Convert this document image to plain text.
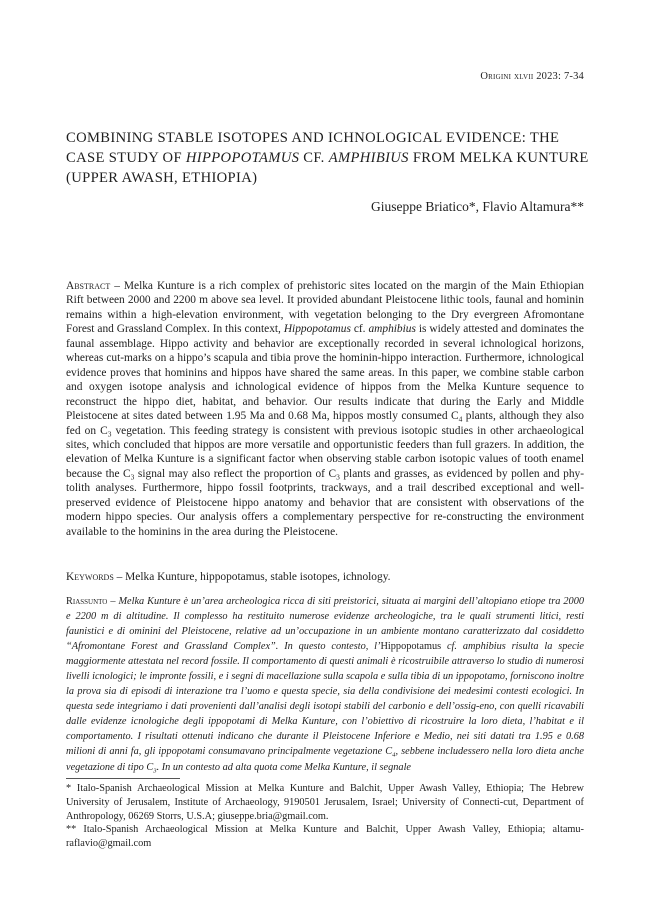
Origini xlvii 2023: 7-34
COMBINING STABLE ISOTOPES AND ICHNOLOGICAL EVIDENCE: THE CASE STUDY OF HIPPOPOTAMUS CF. AMPHIBIUS FROM MELKA KUNTURE (UPPER AWASH, ETHIOPIA)
Giuseppe Briatico*, Flavio Altamura**

Abstract – Melka Kunture is a rich complex of prehistoric sites located on the margin of the Main Ethiopian Rift between 2000 and 2200 m above sea level. It provided abundant Pleistocene lithic tools, faunal and hominin remains within a high-elevation environment, with vegetation belonging to the Dry evergreen Afromontane Forest and Grassland Complex. In this context, Hippopotamus cf. amphibius is widely attested and dominates the faunal assemblage. Hippo activity and behavior are exceptionally recorded in several ichnological horizons, whereas cut-marks on a hippo’s scapula and tibia prove the hominin-hippo interaction. Furthermore, ichnological evidence proves that hominins and hippos have shared the same areas. In this paper, we combine stable carbon and oxygen isotope analysis and ichnological evidence of hippos from the Melka Kunture sequence to reconstruct the hippo diet, habitat, and behavior. Our results indicate that during the Early and Middle Pleistocene at sites dated between 1.95 Ma and 0.68 Ma, hippos mostly consumed $C_4$ plants, although they also fed on $C_3$ vegetation. This feeding strategy is consistent with previous isotopic studies in other archaeological sites, which concluded that hippos are more versatile and opportunistic feeders than full grazers. In addition, the elevation of Melka Kunture is a significant factor when observing stable carbon isotopic values of tooth enamel because the $C_3$ signal may also reflect the proportion of $C_3$ plants and grasses, as evidenced by pollen and phy-tolith analyses. Furthermore, hippo fossil footprints, trackways, and a trail described exceptional and well-preserved evidence of Pleistocene hippo anatomy and behavior that are consistent with observations of the modern hippo species. Our analysis offers a complementary perspective for re-constructing the environment available to the hominins in the area during the Pleistocene.

Keywords – Melka Kunture, hippopotamus, stable isotopes, ichnology.

Riassunto – Melka Kunture è un’area archeologica ricca di siti preistorici, situata ai margini dell’altopiano etiope tra 2000 e 2200 m di altitudine. Il complesso ha restituito numerose evidenze archeologiche, tra le quali strumenti litici, resti faunistici e di ominini del Pleistocene, relative ad un’occupazione in un ambiente montano caratterizzato dal cosiddetto “Afromontane Forest and Grassland Complex”. In questo contesto, l’Hippopotamus cf. amphibius risulta la specie maggiormente attestata nel record fossile. Il comportamento di questi animali è ricostruibile attraverso lo studio di numerosi livelli icnologici; le impronte fossili, e i segni di macellazione sulla scapola e sulla tibia di un ippopotamo, forniscono inoltre la prova sia di episodi di interazione tra l’uomo e questa specie, sia della condivisione dei medesimi contesti ecologici. In questa sede integriamo i dati provenienti dall’analisi degli isotopi stabili del carbonio e dell’ossig-eno, con quelli ricavabili dalle evidenze icnologiche degli ippopotami di Melka Kunture, con l’obiettivo di ricostruire la loro dieta, l’habitat e il comportamento. I risultati ottenuti indicano che durante il Pleistocene Inferiore e Medio, nei siti datati tra 1.95 e 0.68 milioni di anni fa, gli ippopotami consumavano principalmente vegetazione $C_4$, sebbene includessero nella loro dieta anche vegetazione di tipo $C_3$. In un contesto ad alta quota come Melka Kunture, il segnale

* Italo-Spanish Archaeological Mission at Melka Kunture and Balchit, Upper Awash Valley, Ethiopia; The Hebrew University of Jerusalem, Institute of Archaeology, 9190501 Jerusalem, Israel; University of Connecti-cut, Department of Anthropology, 06269 Storrs, U.S.A; giuseppe.bria@gmail.com.

** Italo-Spanish Archaeological Mission at Melka Kunture and Balchit, Upper Awash Valley, Ethiopia; altamu-raflavio@gmail.com
